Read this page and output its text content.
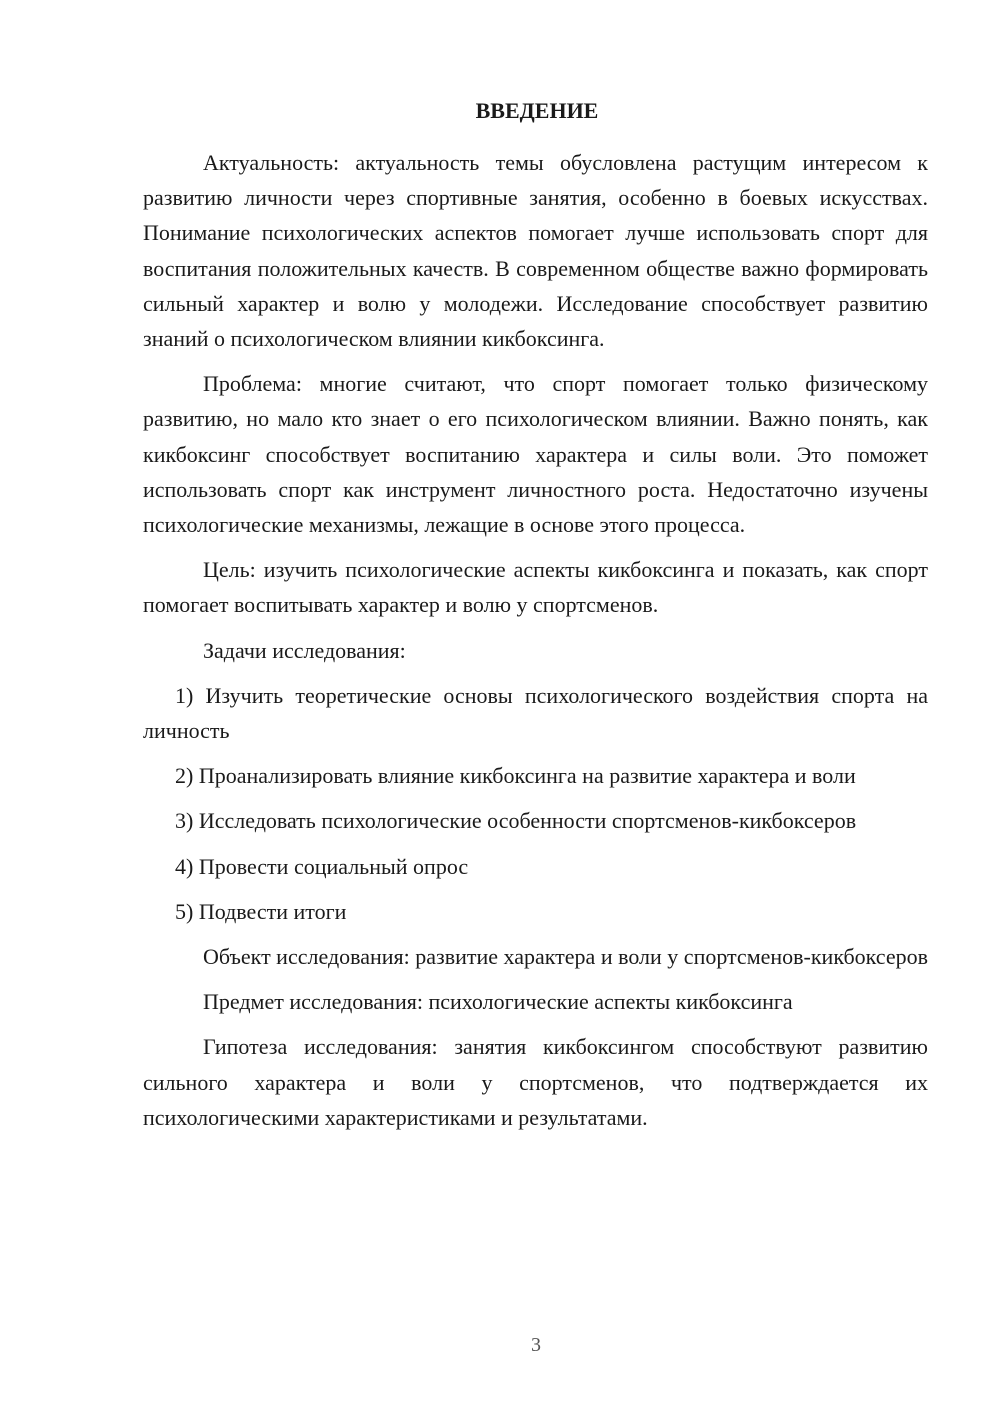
ВВЕДЕНИЕ

Актуальность: актуальность темы обусловлена растущим интересом к развитию личности через спортивные занятия, особенно в боевых искусствах. Понимание психологических аспектов помогает лучше использовать спорт для воспитания положительных качеств. В современном обществе важно формировать сильный характер и волю у молодежи. Исследование способствует развитию знаний о психологическом влиянии кикбоксинга.

Проблема: многие считают, что спорт помогает только физическому развитию, но мало кто знает о его психологическом влиянии. Важно понять, как кикбоксинг способствует воспитанию характера и силы воли. Это поможет использовать спорт как инструмент личностного роста. Недостаточно изучены психологические механизмы, лежащие в основе этого процесса.

Цель: изучить психологические аспекты кикбоксинга и показать, как спорт помогает воспитывать характер и волю у спортсменов.

Задачи исследования:

1) Изучить теоретические основы психологического воздействия спорта на личность

2) Проанализировать влияние кикбоксинга на развитие характера и воли

3) Исследовать психологические особенности спортсменов-кикбоксеров

4) Провести социальный опрос

5) Подвести итоги

Объект исследования: развитие характера и воли у спортсменов-кикбоксеров

Предмет исследования: психологические аспекты кикбоксинга

Гипотеза исследования: занятия кикбоксингом способствуют развитию сильного характера и воли у спортсменов, что подтверждается их психологическими характеристиками и результатами.

3
